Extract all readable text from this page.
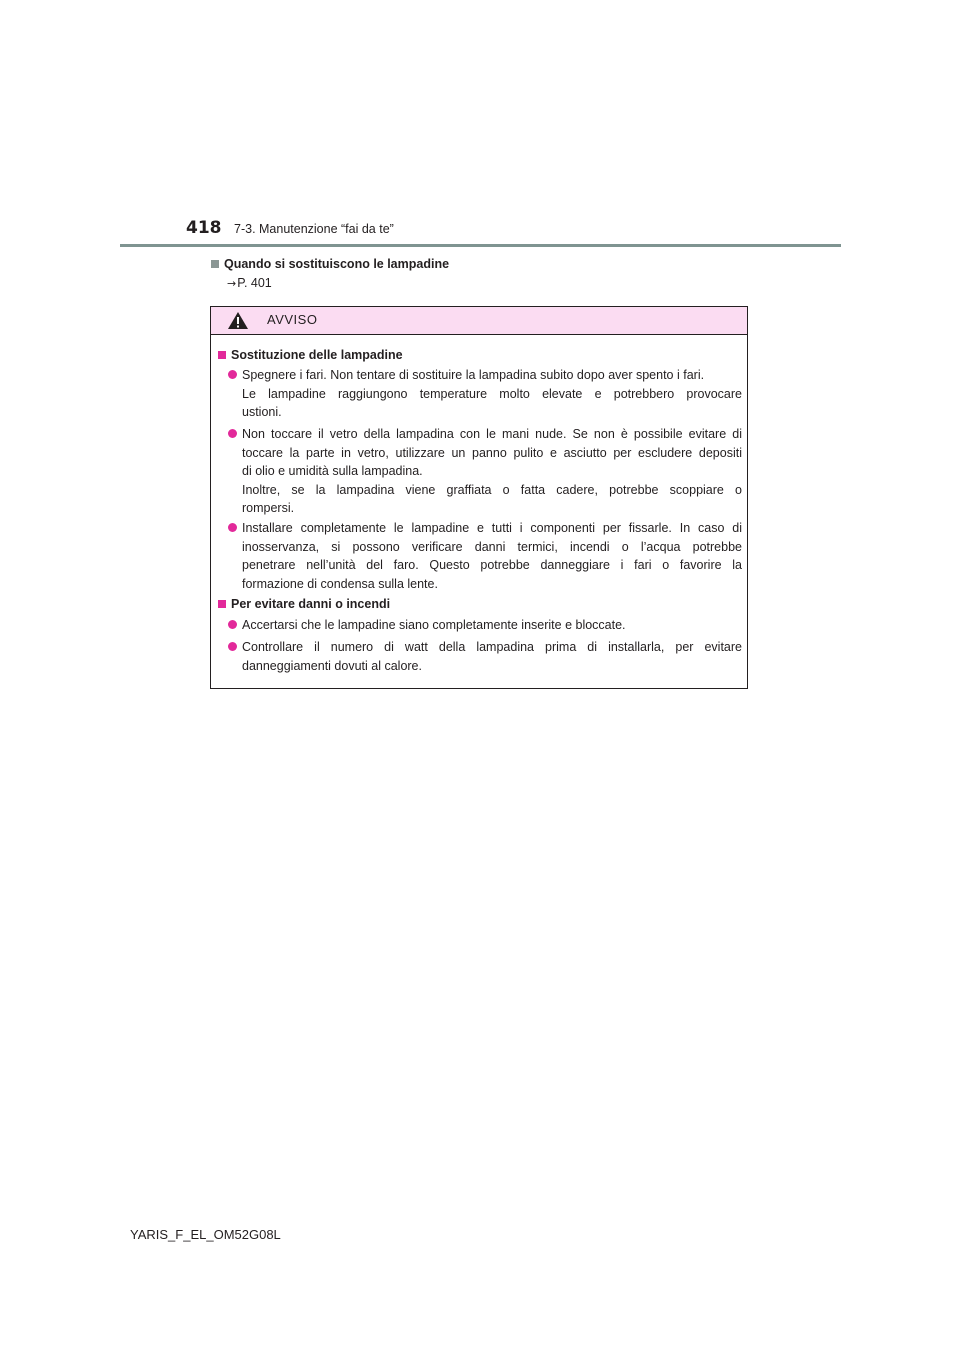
418 7-3. Manutenzione “fai da te”
Quando si sostituiscono le lampadine
→P. 401
AVVISO
Sostituzione delle lampadine
Spegnere i fari. Non tentare di sostituire la lampadina subito dopo aver spento i fari.
Le lampadine raggiungono temperature molto elevate e potrebbero provocare
ustioni.
Non toccare il vetro della lampadina con le mani nude. Se non è possibile evitare di
toccare la parte in vetro, utilizzare un panno pulito e asciutto per escludere depositi
di olio e umidità sulla lampadina.
Inoltre, se la lampadina viene graffiata o fatta cadere, potrebbe scoppiare o
rompersi.
Installare completamente le lampadine e tutti i componenti per fissarle. In caso di
inosservanza, si possono verificare danni termici, incendi o l’acqua potrebbe
penetrare nell’unità del faro. Questo potrebbe danneggiare i fari o favorire la
formazione di condensa sulla lente.
Per evitare danni o incendi
Accertarsi che le lampadine siano completamente inserite e bloccate.
Controllare il numero di watt della lampadina prima di installarla, per evitare
danneggiamenti dovuti al calore.
YARIS_F_EL_OM52G08L
